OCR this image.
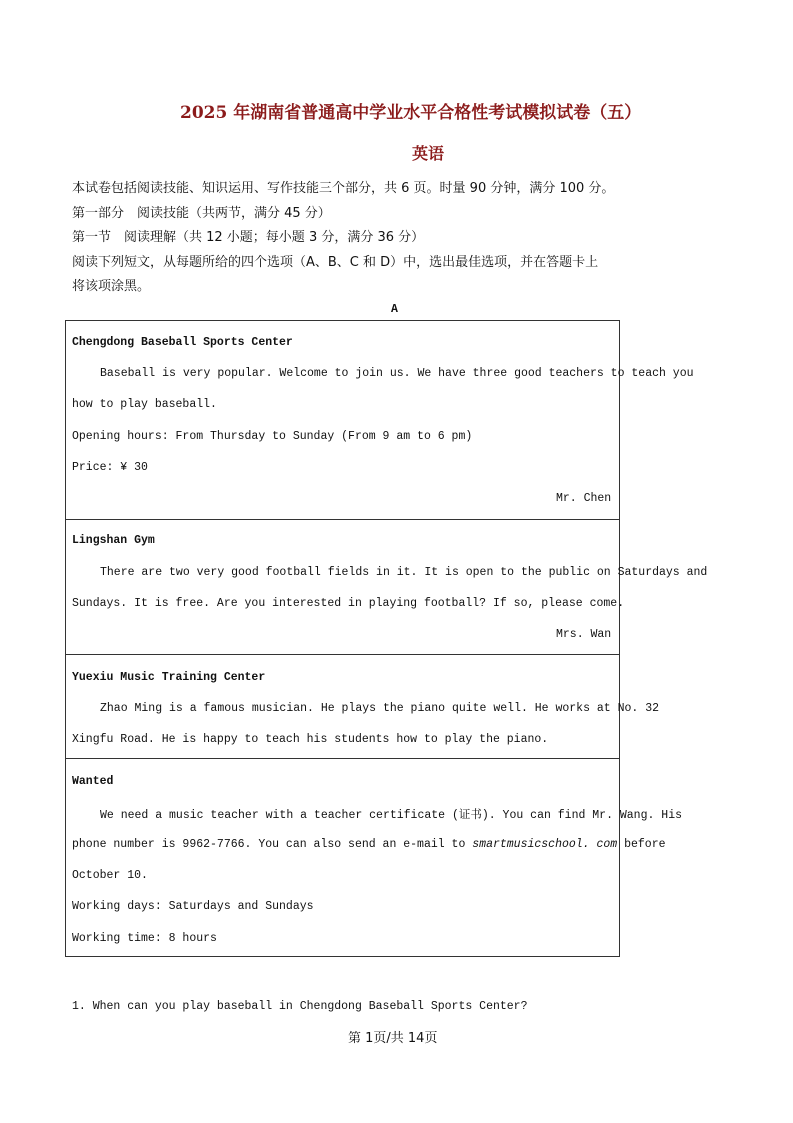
2025 年湖南省普通高中学业水平合格性考试模拟试卷（五）
英语
本试卷包括阅读技能、知识运用、写作技能三个部分，共 6 页。时量 90 分钟，满分 100 分。
第一部分　阅读技能（共两节，满分 45 分）
第一节　阅读理解（共 12 小题；每小题 3 分，满分 36 分）
阅读下列短文，从每题所给的四个选项（A、B、C 和 D）中，选出最佳选项，并在答题卡上
将该项涂黑。
A
Chengdong Baseball Sports Center
Baseball is very popular. Welcome to join us. We have three good teachers to teach you
how to play baseball.
Opening hours: From Thursday to Sunday (From 9 am to 6 pm)
Price: ¥ 30
Mr. Chen
Lingshan Gym
There are two very good football fields in it. It is open to the public on Saturdays and
Sundays. It is free. Are you interested in playing football? If so, please come.
Mrs. Wan
Yuexiu Music Training Center
Zhao Ming is a famous musician. He plays the piano quite well. He works at No. 32
Xingfu Road. He is happy to teach his students how to play the piano.
Wanted
We need a music teacher with a teacher certificate (证书). You can find Mr. Wang. His
phone number is 9962-7766. You can also send an e-mail to smartmusicschool. com before
October 10.
Working days: Saturdays and Sundays
Working time: 8 hours
1. When can you play baseball in Chengdong Baseball Sports Center?
第 1页/共 14页
